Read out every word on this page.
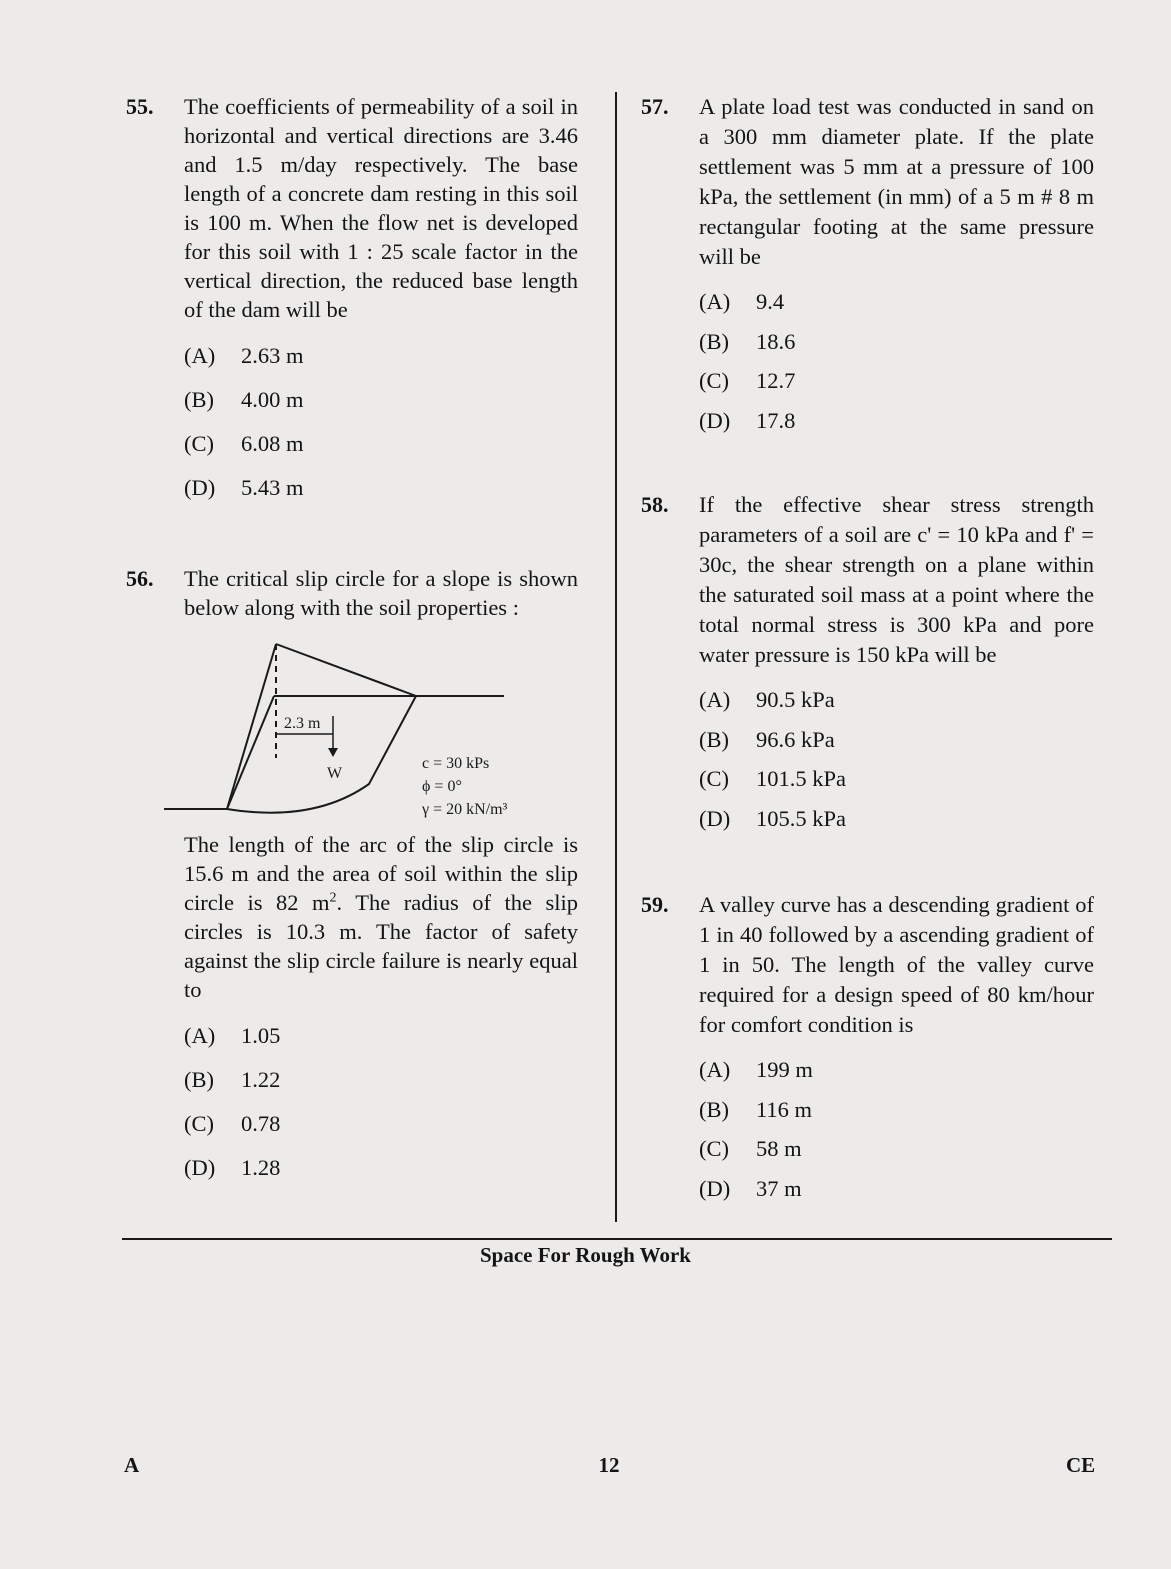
55. The coefficients of permeability of a soil in horizontal and vertical directions are 3.46 and 1.5 m/day respectively. The base length of a concrete dam resting in this soil is 100 m. When the flow net is developed for this soil with 1 : 25 scale factor in the vertical direction, the reduced base length of the dam will be

(A) 2.63 m
(B) 4.00 m
(C) 6.08 m
(D) 5.43 m
56. The critical slip circle for a slope is shown below along with the soil properties :

2.3 m
W
c = 30 kPs
ϕ = 0°
γ = 20 kN/m³

The length of the arc of the slip circle is 15.6 m and the area of soil within the slip circle is 82 $m^2$. The radius of the slip circles is 10.3 m. The factor of safety against the slip circle failure is nearly equal to

(A) 1.05
(B) 1.22
(C) 0.78
(D) 1.28
57. A plate load test was conducted in sand on a 300 mm diameter plate. If the plate settlement was 5 mm at a pressure of 100 kPa, the settlement (in mm) of a 5 m # 8 m rectangular footing at the same pressure will be

(A) 9.4
(B) 18.6
(C) 12.7
(D) 17.8
58. If the effective shear stress strength parameters of a soil are c' = 10 kPa and f' = 30c, the shear strength on a plane within the saturated soil mass at a point where the total normal stress is 300 kPa and pore water pressure is 150 kPa will be

(A) 90.5 kPa
(B) 96.6 kPa
(C) 101.5 kPa
(D) 105.5 kPa
59. A valley curve has a descending gradient of 1 in 40 followed by a ascending gradient of 1 in 50. The length of the valley curve required for a design speed of 80 km/hour for comfort condition is

(A) 199 m
(B) 116 m
(C) 58 m
(D) 37 m
Space For Rough Work
A	12	CE
